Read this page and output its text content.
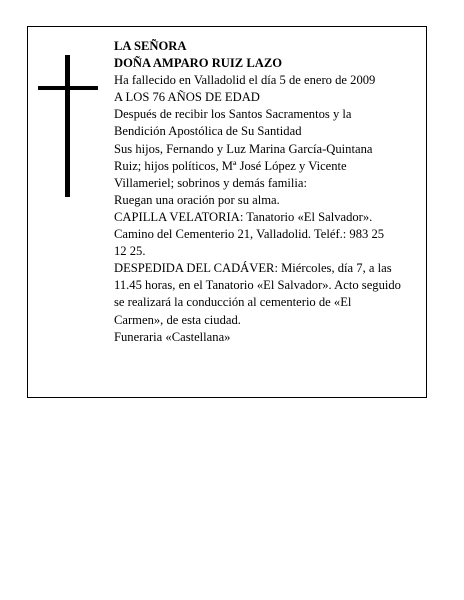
LA SEÑORA

DOÑA AMPARO RUIZ LAZO

Ha fallecido en Valladolid el día 5 de enero de 2009

A LOS 76 AÑOS DE EDAD

Después de recibir los Santos Sacramentos y la

Bendición Apostólica de Su Santidad

Sus hijos, Fernando y Luz Marina García-Quintana

Ruiz; hijos políticos, Mª José López y Vicente

Villameriel; sobrinos y demás familia:

Ruegan una oración por su alma.

CAPILLA VELATORIA: Tanatorio «El Salvador».

Camino del Cementerio 21, Valladolid. Teléf.: 983 25

12 25.

DESPEDIDA DEL CADÁVER: Miércoles, día 7, a las

11.45 horas, en el Tanatorio «El Salvador». Acto seguido

se realizará la conducción al cementerio de «El

Carmen», de esta ciudad.

Funeraria «Castellana»
